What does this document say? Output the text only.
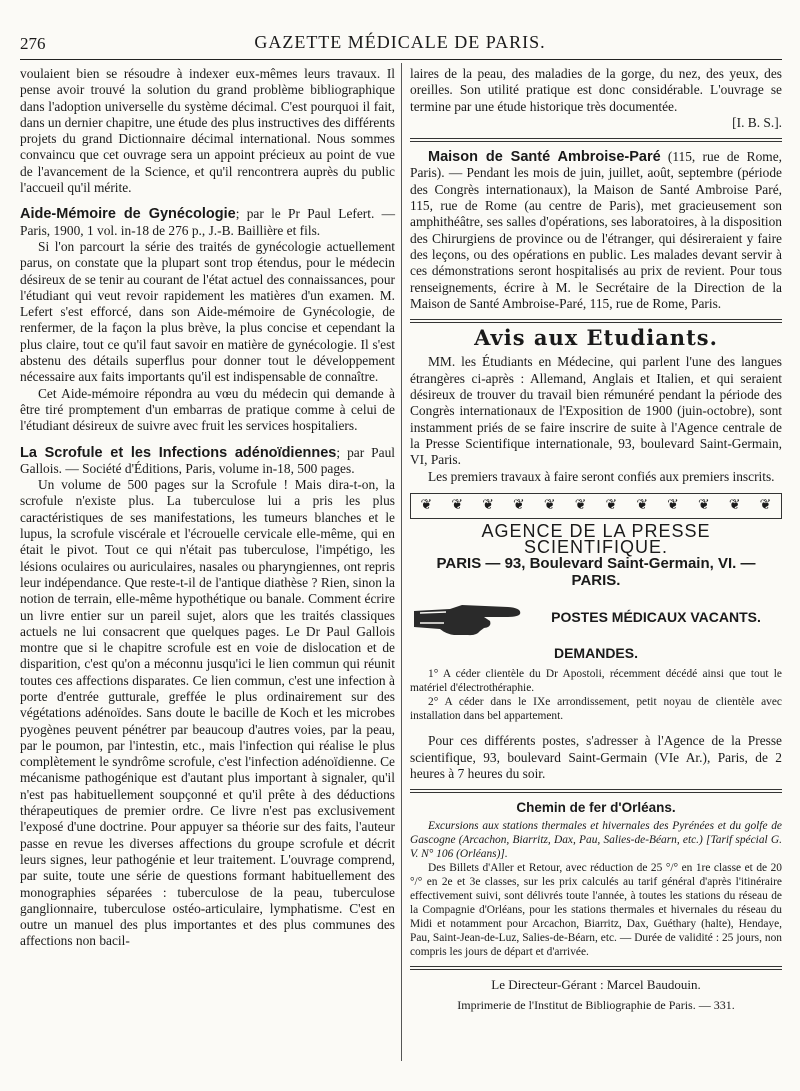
276	GAZETTE MÉDICALE DE PARIS.

voulaient bien se résoudre à indexer eux-mêmes leurs travaux. Il pense avoir trouvé la solution du grand problème bibliographique dans l'adoption universelle du système décimal. C'est pourquoi il fait, dans un dernier chapitre, une étude des plus instructives des différents projets du grand Dictionnaire décimal international. Nous sommes convaincu que cet ouvrage sera un appoint précieux au point de vue de l'avancement de la Science, et qu'il rencontrera auprès du public l'accueil qu'il mérite.

Aide-Mémoire de Gynécologie; par le Pr Paul Lefert. — Paris, 1900, 1 vol. in-18 de 276 p., J.-B. Baillière et fils.

Si l'on parcourt la série des traités de gynécologie actuellement parus, on constate que la plupart sont trop étendus, pour le médecin désireux de se tenir au courant de l'état actuel des connaissances, pour l'étudiant qui veut revoir rapidement les matières d'un examen. M. Lefert s'est efforcé, dans son Aide-mémoire de Gynécologie, de renfermer, de la façon la plus brève, la plus concise et cependant la plus claire, tout ce qu'il faut savoir en matière de gynécologie. Il s'est abstenu des détails superflus pour donner tout le développement nécessaire aux faits importants qu'il est indispensable de connaître.

Cet Aide-mémoire répondra au vœu du médecin qui demande à être tiré promptement d'un embarras de pratique comme à celui de l'étudiant désireux de suivre avec fruit les services hospitaliers.

La Scrofule et les Infections adénoïdiennes; par Paul Gallois. — Société d'Éditions, Paris, volume in-18, 500 pages.

Un volume de 500 pages sur la Scrofule ! Mais dira-t-on, la scrofule n'existe plus. La tuberculose lui a pris les plus caractéristiques de ses manifestations, les tumeurs blanches et le lupus, la scrofule viscérale et l'écrouelle cervicale elle-même, qui en était le pivot. Tout ce qui n'était pas tuberculose, l'impétigo, les lésions oculaires ou auriculaires, nasales ou pharyngiennes, ont repris leur indépendance. Que reste-t-il de l'antique diathèse ? Rien, sinon la notion de terrain, elle-même hypothétique ou banale. Comment écrire un livre entier sur un pareil sujet, alors que les traités classiques actuels ne lui consacrent que quelques pages. Le Dr Paul Gallois montre que si le chapitre scrofule est en voie de dislocation et de disparition, c'est qu'on a méconnu jusqu'ici le lien commun qui réunit toutes ces affections disparates. Ce lien commun, c'est une infection à porte d'entrée gutturale, greffée le plus ordinairement sur des végétations adénoïdes. Sans doute le bacille de Koch et les microbes pyogènes peuvent pénétrer par beaucoup d'autres voies, par la peau, par le poumon, par l'intestin, etc., mais l'infection qui réalise le plus complètement le syndrôme scrofule, c'est l'infection adénoïdienne. Ce mécanisme pathogénique est d'autant plus important à signaler, qu'il n'est pas habituellement soupçonné et qu'il prête à des déductions thérapeutiques de premier ordre. Ce livre n'est pas exclusivement l'exposé d'une doctrine. Pour appuyer sa théorie sur des faits, l'auteur passe en revue les diverses affections du groupe scrofule et décrit leurs signes, leur pathogénie et leur traitement. L'ouvrage comprend, par suite, toute une série de questions formant habituellement des monographies séparées : tuberculose de la peau, tuberculose ganglionnaire, tuberculose ostéo-articulaire, lymphatisme. C'est en outre un manuel des plus importantes et des plus communes des affections non bacil-

laires de la peau, des maladies de la gorge, du nez, des yeux, des oreilles. Son utilité pratique est donc considérable. L'ouvrage se termine par une étude historique très documentée.

[I. B. S.].

Maison de Santé Ambroise-Paré (115, rue de Rome, Paris). — Pendant les mois de juin, juillet, août, septembre (période des Congrès internationaux), la Maison de Santé Ambroise Paré, 115, rue de Rome (au centre de Paris), met gracieusement son amphithéâtre, ses salles d'opérations, ses laboratoires, à la disposition des Chirurgiens de province ou de l'étranger, qui désireraient y faire des leçons, ou des opérations en public. Les malades devant servir à ces démonstrations seront hospitalisés au prix de revient. Pour tous renseignements, écrire à M. le Secrétaire de la Direction de la Maison de Santé Ambroise-Paré, 115, rue de Rome, Paris.

Avis aux Etudiants.

MM. les Étudiants en Médecine, qui parlent l'une des langues étrangères ci-après : Allemand, Anglais et Italien, et qui seraient désireux de trouver du travail bien rémunéré pendant la période des Congrès internationaux de l'Exposition de 1900 (juin-octobre), sont instamment priés de se faire inscrire de suite à l'Agence centrale de la Presse Scientifique internationale, 93, boulevard Saint-Germain, VI, Paris.

Les premiers travaux à faire seront confiés aux premiers inscrits.

❦ ❦ ❦ ❦ ❦ ❦ ❦ ❦ ❦ ❦ ❦ ❦
AGENCE DE LA PRESSE SCIENTIFIQUE.
PARIS — 93, Boulevard Saint-Germain, VI. — PARIS.
POSTES MÉDICAUX VACANTS.
DEMANDES.

1° A céder clientèle du Dr Apostoli, récemment décédé ainsi que tout le matériel d'électrothéraphie.

2° A céder dans le IXe arrondissement, petit noyau de clientèle avec installation dans bel appartement.

Pour ces différents postes, s'adresser à l'Agence de la Presse scientifique, 93, boulevard Saint-Germain (VIe Ar.), Paris, de 2 heures à 7 heures du soir.

Chemin de fer d'Orléans.

Excursions aux stations thermales et hivernales des Pyrénées et du golfe de Gascogne (Arcachon, Biarritz, Dax, Pau, Salies-de-Béarn, etc.) [Tarif spécial G. V. N° 106 (Orléans)].

Des Billets d'Aller et Retour, avec réduction de 25 °/° en 1re classe et de 20 °/° en 2e et 3e classes, sur les prix calculés au tarif général d'après l'itinéraire effectivement suivi, sont délivrés toute l'année, à toutes les stations du réseau de la Compagnie d'Orléans, pour les stations thermales et hivernales du réseau du Midi et notamment pour Arcachon, Biarritz, Dax, Guéthary (halte), Hendaye, Pau, Saint-Jean-de-Luz, Salies-de-Béarn, etc. — Durée de validité : 25 jours, non compris les jours de départ et d'arrivée.

Le Directeur-Gérant : Marcel Baudouin.
Imprimerie de l'Institut de Bibliographie de Paris. — 331.
